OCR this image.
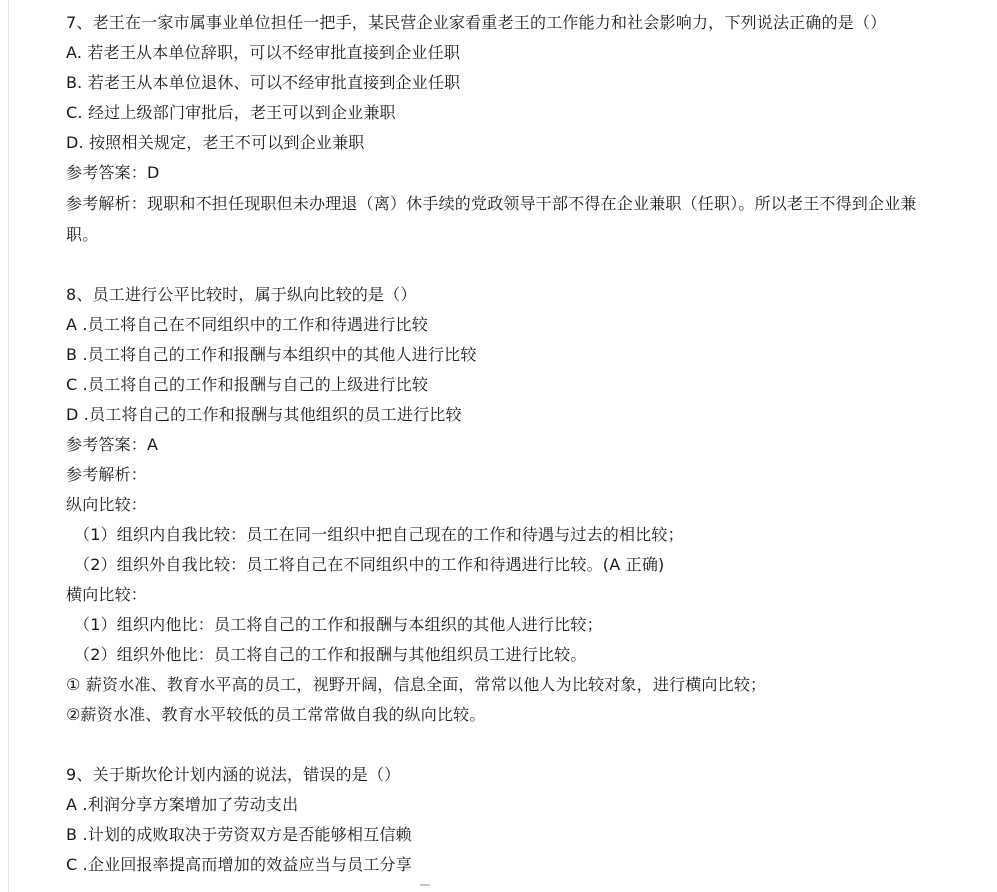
7、老王在一家市属事业单位担任一把手，某民营企业家看重老王的工作能力和社会影响力，下列说法正确的是（）
A. 若老王从本单位辞职，可以不经审批直接到企业任职
B. 若老王从本单位退休、可以不经审批直接到企业任职
C. 经过上级部门审批后，老王可以到企业兼职
D. 按照相关规定，老王不可以到企业兼职
参考答案：D
参考解析：现职和不担任现职但未办理退（离）休手续的党政领导干部不得在企业兼职（任职）。所以老王不得到企业兼职。
8、员工进行公平比较时，属于纵向比较的是（）
A .员工将自己在不同组织中的工作和待遇进行比较
B .员工将自己的工作和报酬与本组织中的其他人进行比较
C .员工将自己的工作和报酬与自己的上级进行比较
D .员工将自己的工作和报酬与其他组织的员工进行比较
参考答案：A
参考解析：
纵向比较：
（1）组织内自我比较：员工在同一组织中把自己现在的工作和待遇与过去的相比较；
（2）组织外自我比较：员工将自己在不同组织中的工作和待遇进行比较。(A 正确)
横向比较：
（1）组织内他比：员工将自己的工作和报酬与本组织的其他人进行比较；
（2）组织外他比：员工将自己的工作和报酬与其他组织员工进行比较。
① 薪资水准、教育水平高的员工，视野开阔，信息全面，常常以他人为比较对象，进行横向比较；
②薪资水准、教育水平较低的员工常常做自我的纵向比较。
9、关于斯坎伦计划内涵的说法，错误的是（）
A .利润分享方案增加了劳动支出
B .计划的成败取决于劳资双方是否能够相互信赖
C .企业回报率提高而增加的效益应当与员工分享
